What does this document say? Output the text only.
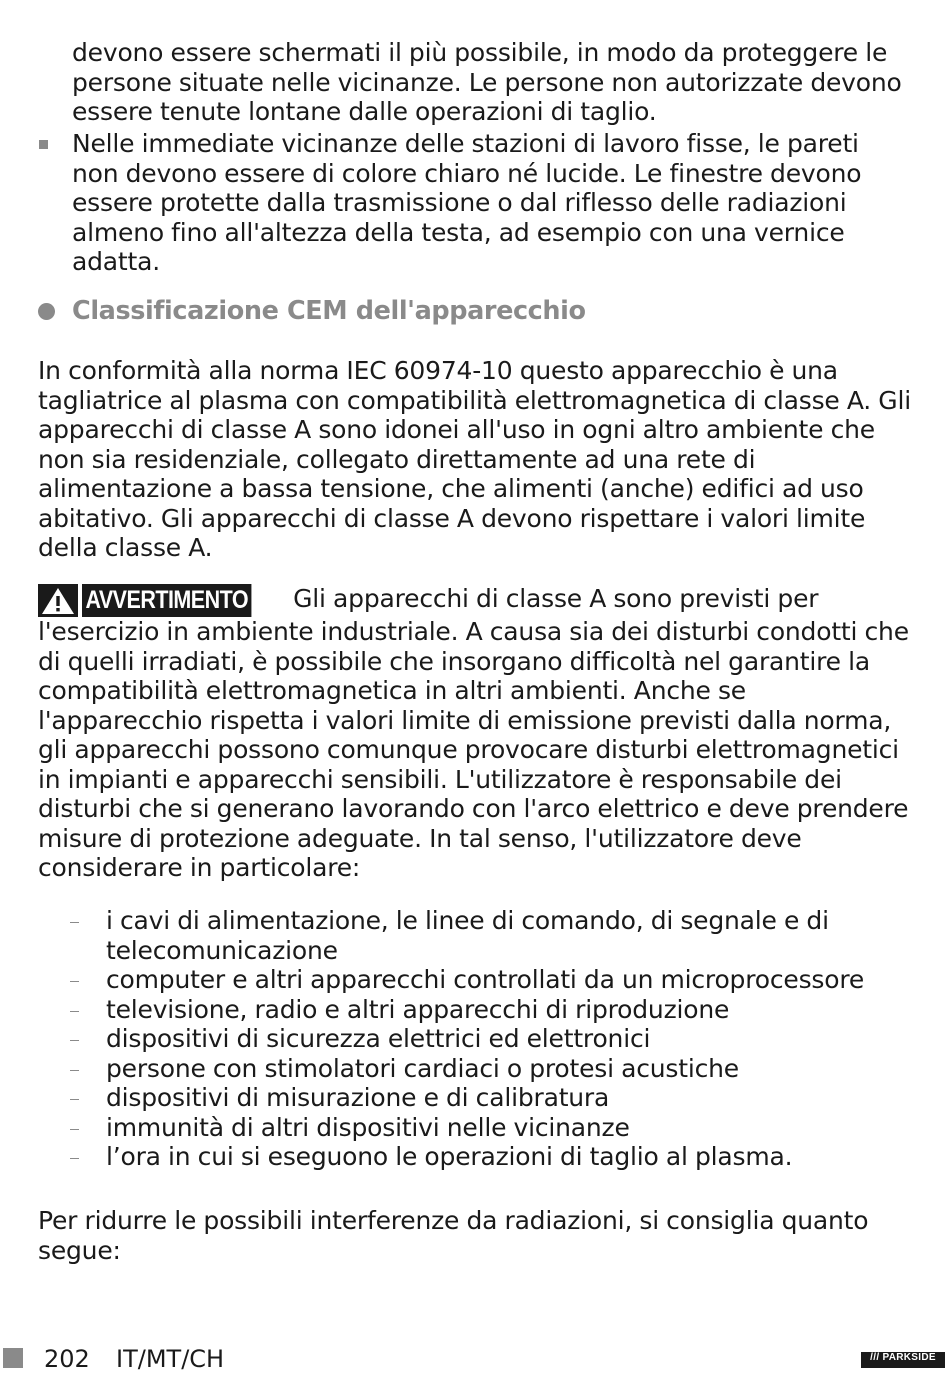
devono essere schermati il più possibile, in modo da proteggere le persone situate nelle vicinanze. Le persone non autorizzate devono essere tenute lontane dalle operazioni di taglio.

Nelle immediate vicinanze delle stazioni di lavoro fisse, le pareti non devono essere di colore chiaro né lucide. Le finestre devono essere protette dalla trasmissione o dal riflesso delle radiazioni almeno fino all'altezza della testa, ad esempio con una vernice adatta.

Classificazione CEM dell'apparecchio

In conformità alla norma IEC 60974-10 questo apparecchio è una tagliatrice al plasma con compatibilità elettromagnetica di classe A. Gli apparecchi di classe A sono idonei all'uso in ogni altro ambiente che non sia residenziale, collegato direttamente ad una rete di alimentazione a bassa tensione, che alimenti (anche) edifici ad uso abitativo. Gli apparecchi di classe A devono rispettare i valori limite della classe A.

AVVERTIMENTO Gli apparecchi di classe A sono previsti per l'esercizio in ambiente industriale. A causa sia dei disturbi condotti che di quelli irradiati, è possibile che insorgano difficoltà nel garantire la compatibilità elettromagnetica in altri ambienti. Anche se l'apparecchio rispetta i valori limite di emissione previsti dalla norma, gli apparecchi possono comunque provocare disturbi elettromagnetici in impianti e apparecchi sensibili. L'utilizzatore è responsabile dei disturbi che si generano lavorando con l'arco elettrico e deve prendere misure di protezione adeguate. In tal senso, l'utilizzatore deve considerare in particolare:

i cavi di alimentazione, le linee di comando, di segnale e di telecomunicazione
computer e altri apparecchi controllati da un microprocessore
televisione, radio e altri apparecchi di riproduzione
dispositivi di sicurezza elettrici ed elettronici
persone con stimolatori cardiaci o protesi acustiche
dispositivi di misurazione e di calibratura
immunità di altri dispositivi nelle vicinanze
l’ora in cui si eseguono le operazioni di taglio al plasma.

Per ridurre le possibili interferenze da radiazioni, si consiglia quanto segue:

202 IT/MT/CH	/// PARKSIDE
